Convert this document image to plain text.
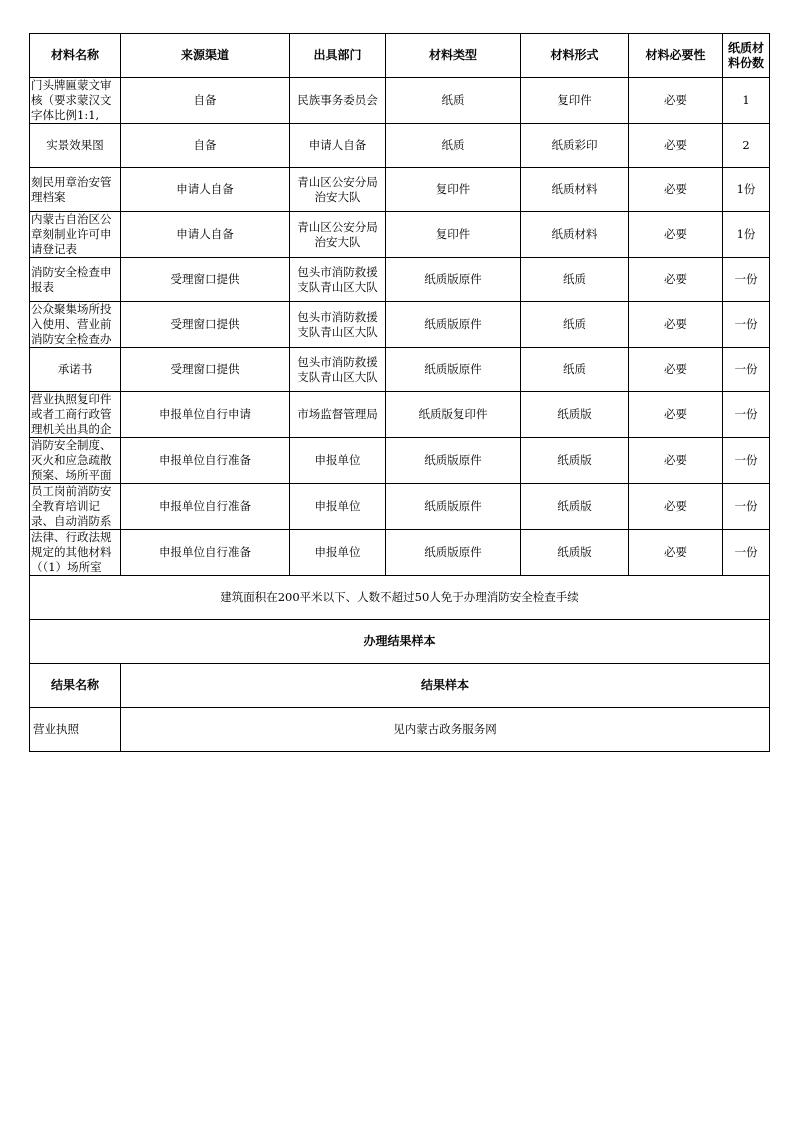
材料名称	来源渠道	出具部门	材料类型	材料形式	材料必要性	纸质材料份数

门头牌匾蒙文审核（要求蒙汉文字体比例1:1,	自备	民族事务委员会	纸质	复印件	必要	1

实景效果图	自备	申请人自备	纸质	纸质彩印	必要	2

刻民用章治安管理档案	申请人自备	青山区公安分局治安大队	复印件	纸质材料	必要	1份

内蒙古自治区公章刻制业许可申请登记表	申请人自备	青山区公安分局治安大队	复印件	纸质材料	必要	1份

消防安全检查申报表	受理窗口提供	包头市消防救援支队青山区大队	纸质版原件	纸质	必要	一份

公众聚集场所投入使用、营业前消防安全检查办	受理窗口提供	包头市消防救援支队青山区大队	纸质版原件	纸质	必要	一份

承诺书	受理窗口提供	包头市消防救援支队青山区大队	纸质版原件	纸质	必要	一份

营业执照复印件或者工商行政管理机关出具的企	申报单位自行申请	市场监督管理局	纸质版复印件	纸质版	必要	一份

消防安全制度、灭火和应急疏散预案、场所平面	申报单位自行准备	申报单位	纸质版原件	纸质版	必要	一份

员工岗前消防安全教育培训记录、自动消防系	申报单位自行准备	申报单位	纸质版原件	纸质版	必要	一份

法律、行政法规规定的其他材料（（1）场所室	申报单位自行准备	申报单位	纸质版原件	纸质版	必要	一份
建筑面积在200平米以下、人数不超过50人免于办理消防安全检查手续						
办理结果样本						
结果名称	结果样本					
营业执照	见内蒙古政务服务网					
